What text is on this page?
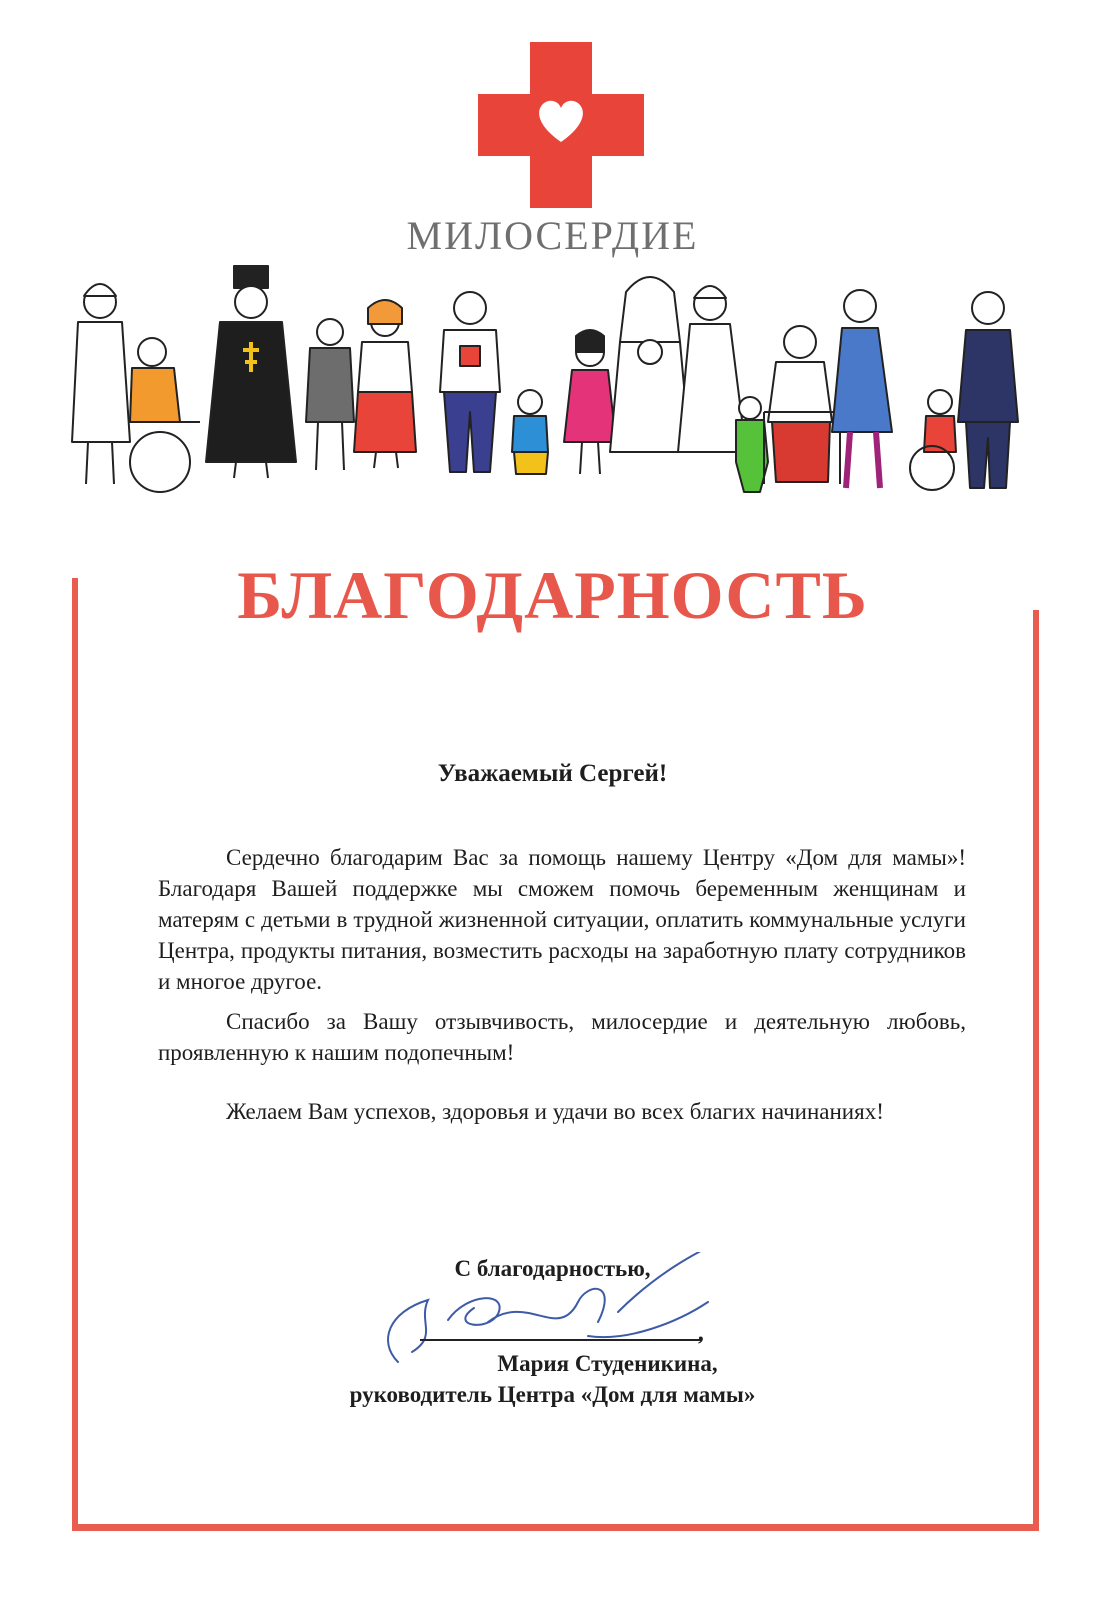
МИЛОСЕРДИЕ
БЛАГОДАРНОСТЬ
Уважаемый Сергей!

Сердечно благодарим Вас за помощь нашему Центру «Дом для мамы»! Благодаря Вашей поддержке мы сможем помочь беременным женщинам и матерям с детьми в трудной жизненной ситуации, оплатить коммунальные услуги Центра, продукты питания, возместить расходы на заработную плату сотрудников и многое другое.

Спасибо за Вашу отзывчивость, милосердие и деятельную любовь, проявленную к нашим подопечным!

Желаем Вам успехов, здоровья и удачи во всех благих начинаниях!

С благодарностью,
,
Мария Студеникина,
руководитель Центра «Дом для мамы»
